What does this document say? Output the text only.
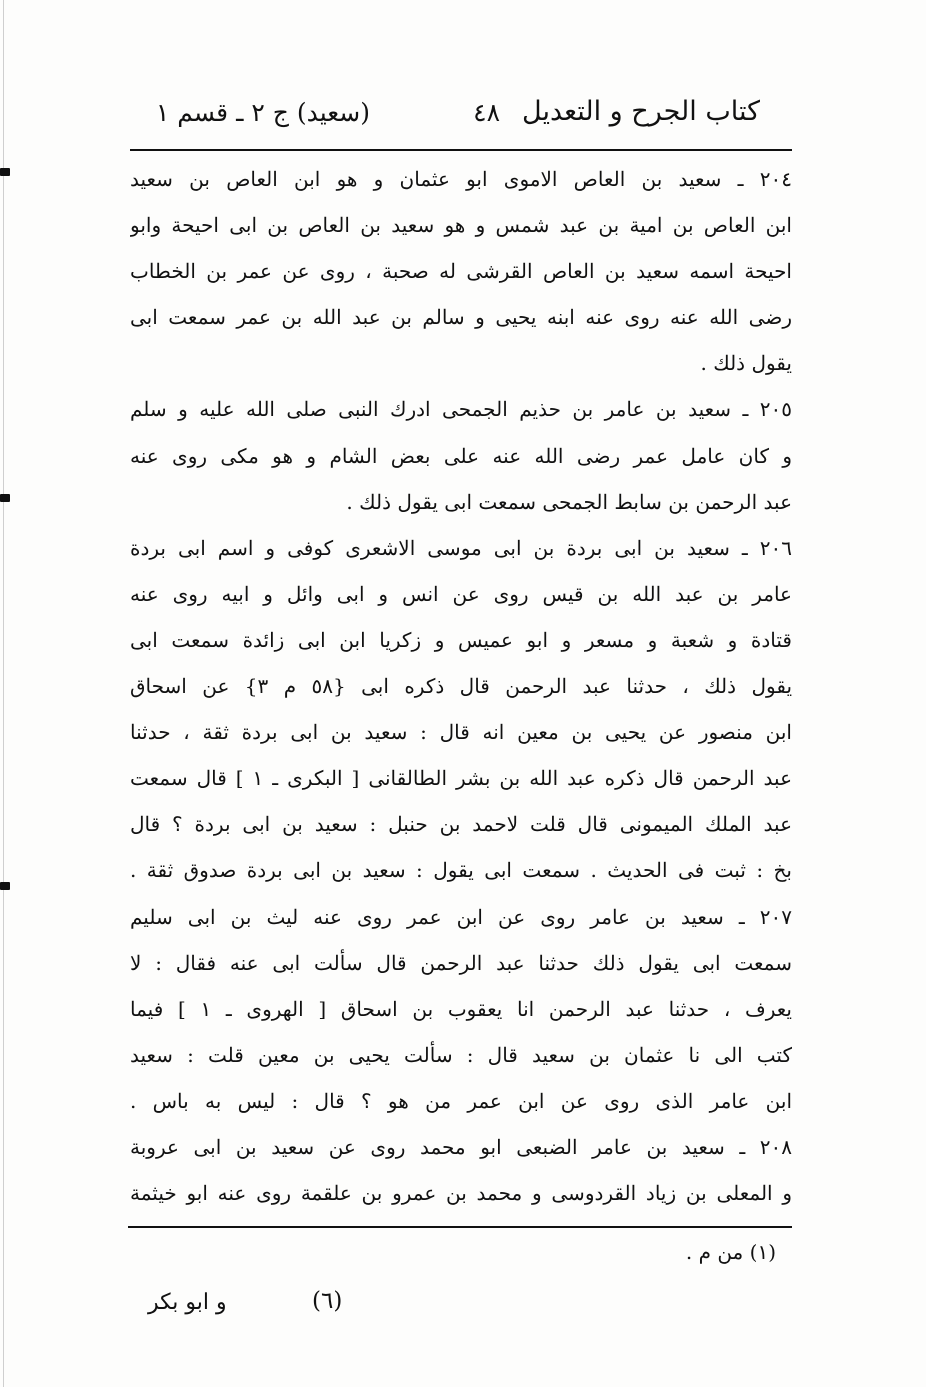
كتاب الجرح و التعديل
٤٨
(سعيد) ج ٢ ـ قسم ١
٢٠٤ ـ سعيد بن العاص الاموى ابو عثمان و هو ابن العاص بن سعيد
ابن العاص بن امية بن عبد شمس و هو سعيد بن العاص بن ابى احيحة وابو
احيحة اسمه سعيد بن العاص القرشى له صحبة ، روى عن عمر بن الخطاب
رضى الله عنه روى عنه ابنه يحيى و سالم بن عبد الله بن عمر سمعت ابى
يقول ذلك .
٢٠٥ ـ سعيد بن عامر بن حذيم الجمحى ادرك النبى صلى الله عليه و سلم
و كان عامل عمر رضى الله عنه على بعض الشام و هو مكى روى عنه
عبد الرحمن بن سابط الجمحى سمعت ابى يقول ذلك .
٢٠٦ ـ سعيد بن ابى بردة بن ابى موسى الاشعرى كوفى و اسم ابى بردة
عامر بن عبد الله بن قيس روى عن انس و ابى وائل و ابيه روى عنه
قتادة و شعبة و مسعر و ابو عميس و زكريا ابن ابى زائدة سمعت ابى
يقول ذلك ، حدثنا عبد الرحمن قال ذكره ابى {٥٨ م ٣} عن اسحاق
ابن منصور عن يحيى بن معين انه قال : سعيد بن ابى بردة ثقة ، حدثنا
عبد الرحمن قال ذكره عبد الله بن بشر الطالقانى [ البكرى ـ ١ ] قال سمعت
عبد الملك الميمونى قال قلت لاحمد بن حنبل : سعيد بن ابى بردة ؟ قال
بخ : ثبت فى الحديث . سمعت ابى يقول : سعيد بن ابى بردة صدوق ثقة .
٢٠٧ ـ سعيد بن عامر روى عن ابن عمر روى عنه ليث بن ابى سليم
سمعت ابى يقول ذلك حدثنا عبد الرحمن قال سألت ابى عنه فقال : لا
يعرف ، حدثنا عبد الرحمن انا يعقوب بن اسحاق [ الهروى ـ ١ ] فيما
كتب الى نا عثمان بن سعيد قال : سألت يحيى بن معين قلت : سعيد
ابن عامر الذى روى عن ابن عمر من هو ؟ قال : ليس به باس .
٢٠٨ ـ سعيد بن عامر الضبعى ابو محمد روى عن سعيد بن ابى عروبة
و المعلى بن زياد القردوسى و محمد بن عمرو بن علقمة روى عنه ابو خيثمة
(١) من م .
(٦)
و ابو بكر
